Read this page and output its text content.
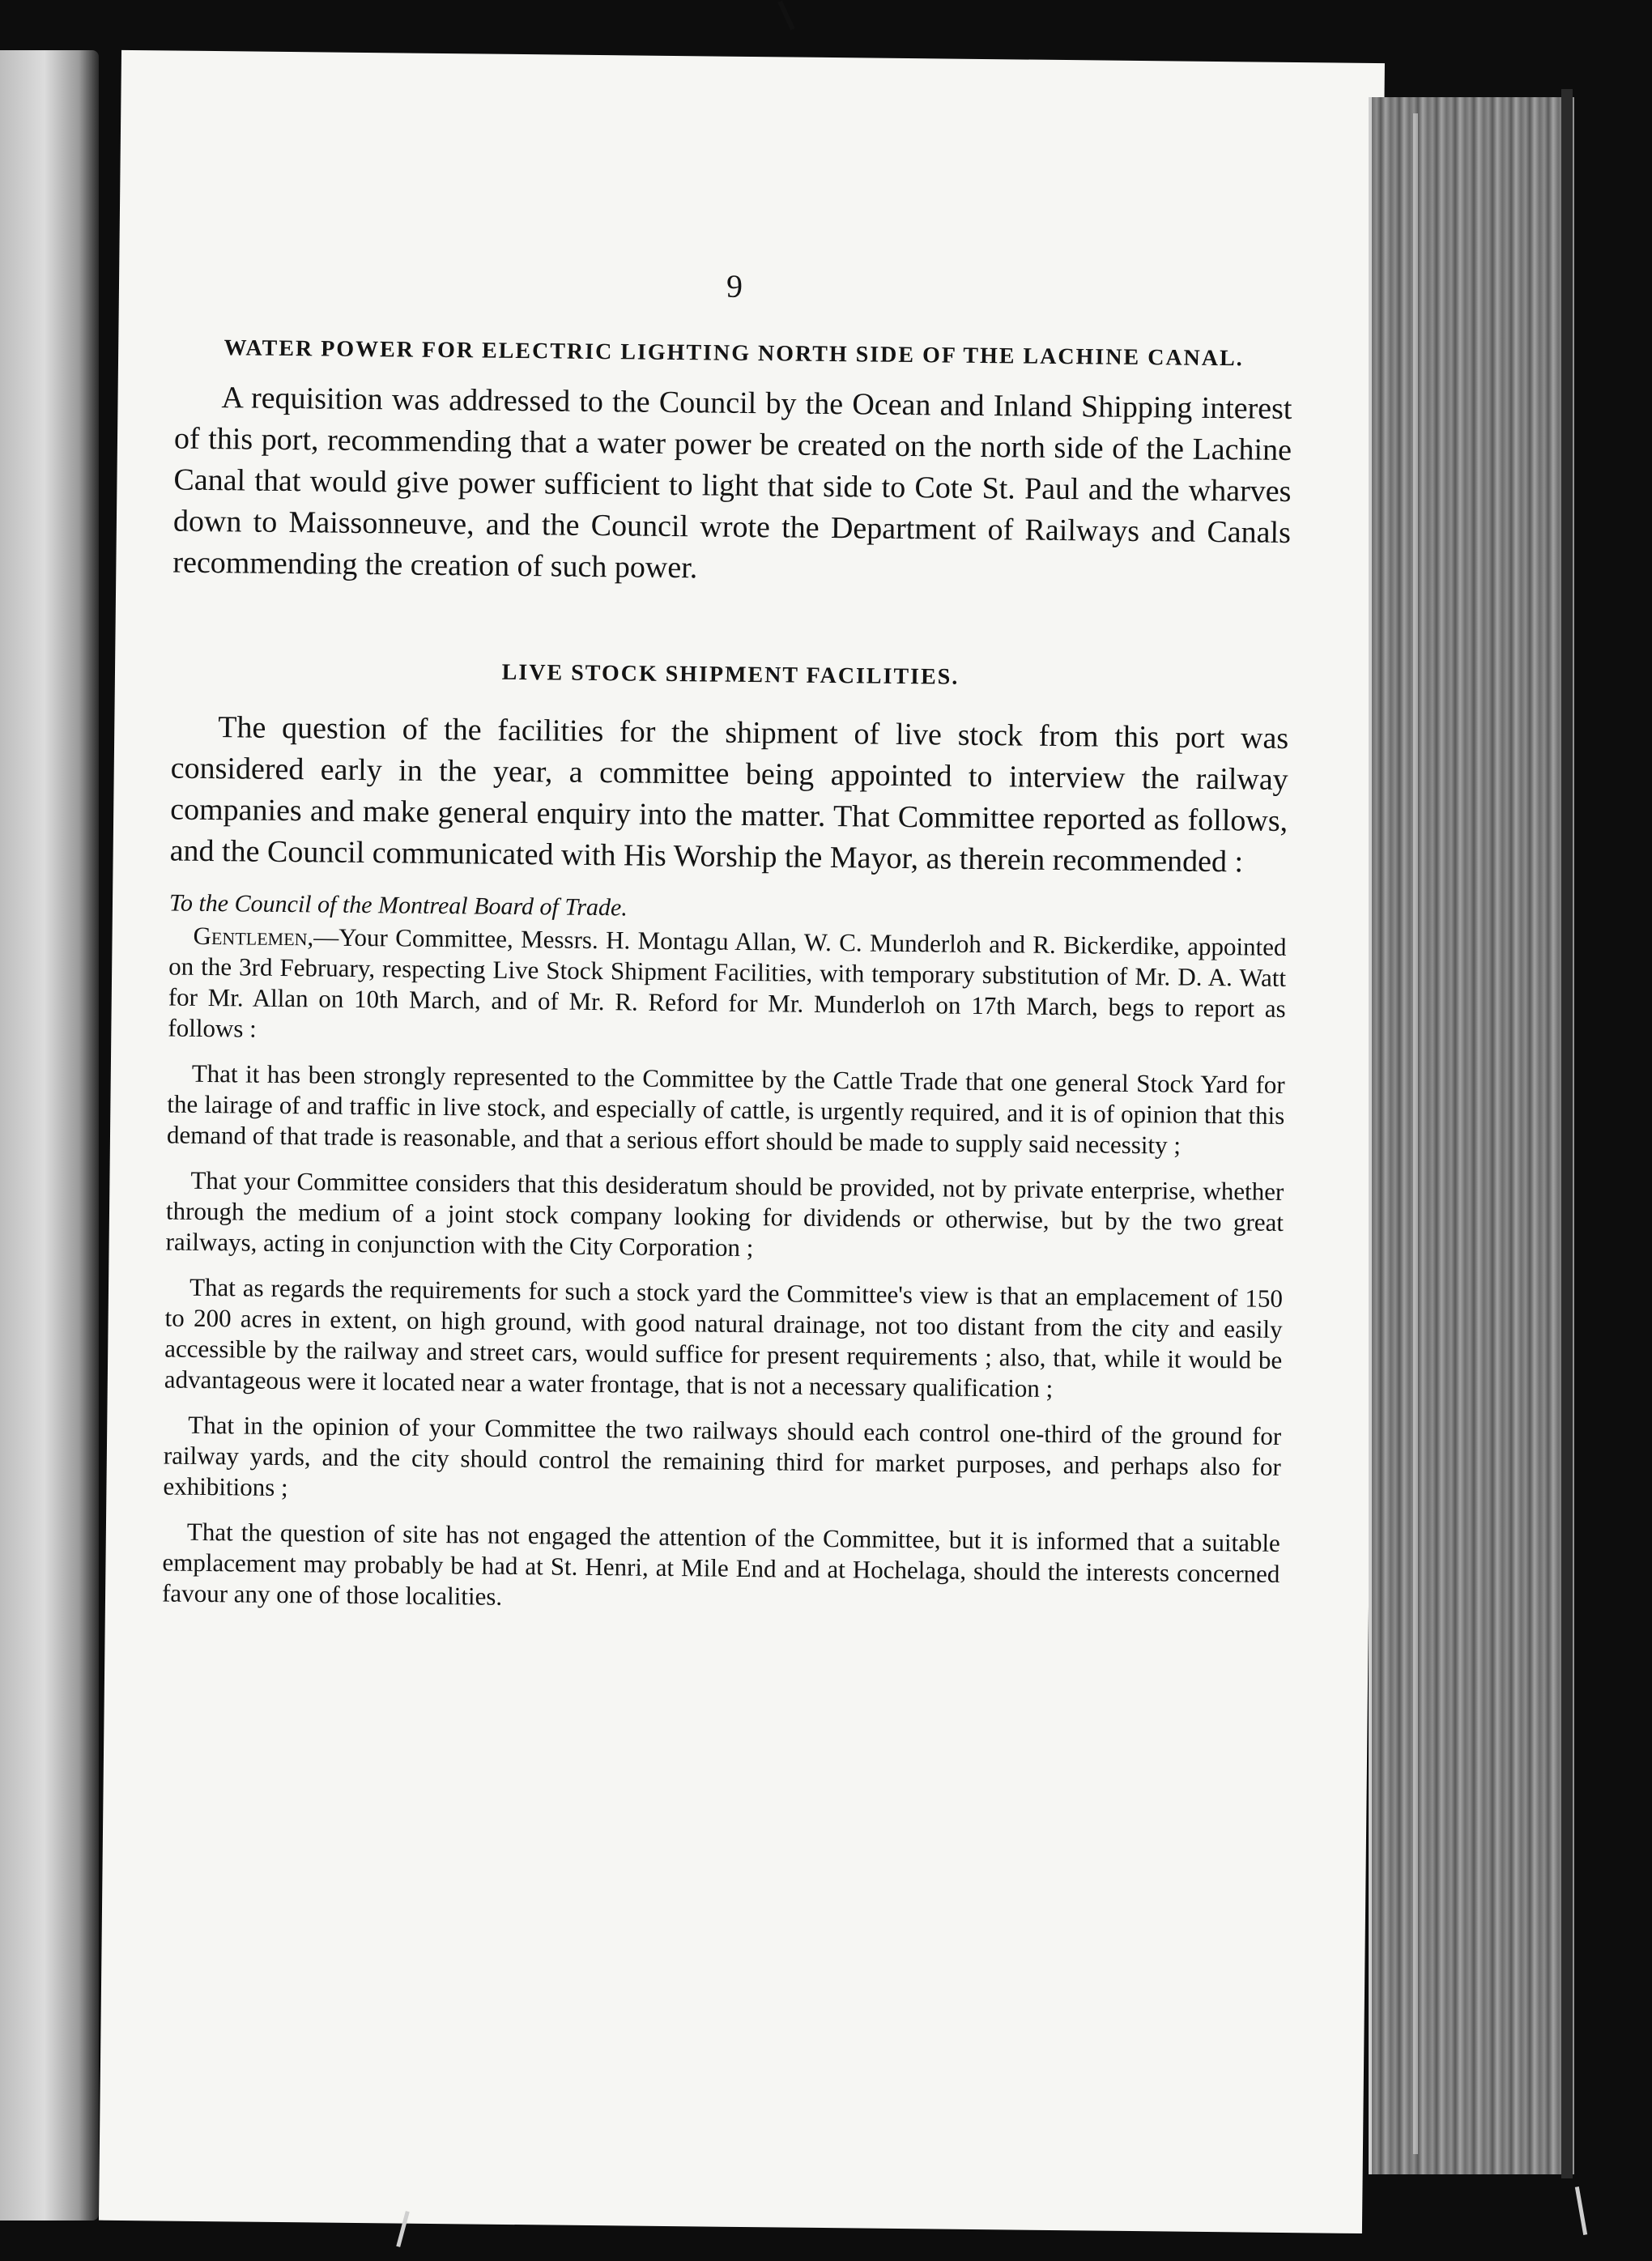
9
WATER POWER FOR ELECTRIC LIGHTING NORTH SIDE OF THE LACHINE CANAL.

A requisition was addressed to the Council by the Ocean and Inland Shipping interest of this port, recommending that a water power be created on the north side of the Lachine Canal that would give power sufficient to light that side to Cote St. Paul and the wharves down to Maissonneuve, and the Council wrote the Department of Railways and Canals recommending the creation of such power.

LIVE STOCK SHIPMENT FACILITIES.

The question of the facilities for the shipment of live stock from this port was considered early in the year, a committee being appointed to interview the railway companies and make general enquiry into the matter. That Committee reported as follows, and the Council communicated with His Worship the Mayor, as therein recommended :

To the Council of the Montreal Board of Trade.

Gentlemen,—Your Committee, Messrs. H. Montagu Allan, W. C. Munderloh and R. Bickerdike, appointed on the 3rd February, respecting Live Stock Shipment Facilities, with temporary substitution of Mr. D. A. Watt for Mr. Allan on 10th March, and of Mr. R. Reford for Mr. Munderloh on 17th March, begs to report as follows :

That it has been strongly represented to the Committee by the Cattle Trade that one general Stock Yard for the lairage of and traffic in live stock, and especially of cattle, is urgently required, and it is of opinion that this demand of that trade is reasonable, and that a serious effort should be made to supply said necessity ;

That your Committee considers that this desideratum should be provided, not by private enterprise, whether through the medium of a joint stock company looking for dividends or otherwise, but by the two great railways, acting in conjunction with the City Corporation ;

That as regards the requirements for such a stock yard the Committee's view is that an emplacement of 150 to 200 acres in extent, on high ground, with good natural drainage, not too distant from the city and easily accessible by the railway and street cars, would suffice for present requirements ; also, that, while it would be advantageous were it located near a water frontage, that is not a necessary qualification ;

That in the opinion of your Committee the two railways should each control one-third of the ground for railway yards, and the city should control the remaining third for market purposes, and perhaps also for exhibitions ;

That the question of site has not engaged the attention of the Committee, but it is informed that a suitable emplacement may probably be had at St. Henri, at Mile End and at Hochelaga, should the interests concerned favour any one of those localities.
